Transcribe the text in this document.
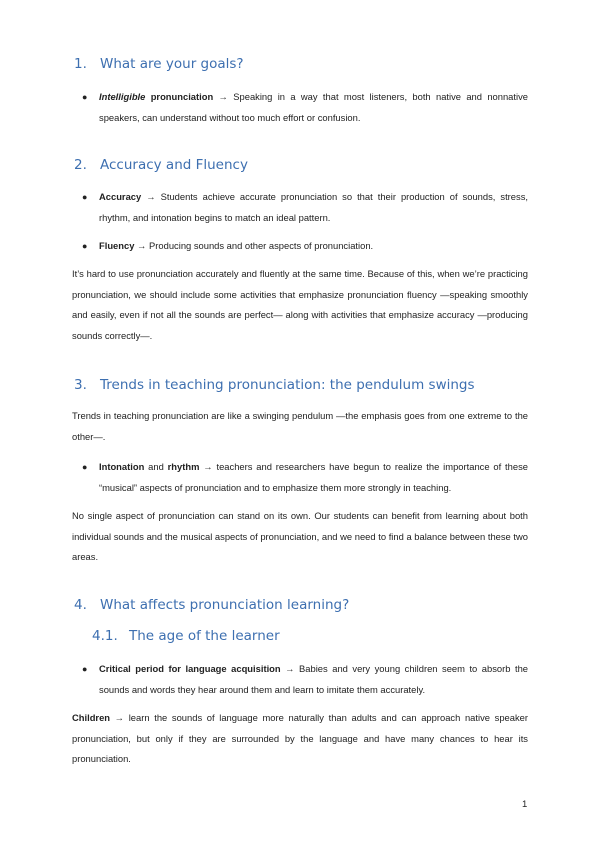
1. What are your goals?

● Intelligible pronunciation → Speaking in a way that most listeners, both native and nonnative speakers, can understand without too much effort or confusion.

2. Accuracy and Fluency

● Accuracy → Students achieve accurate pronunciation so that their production of sounds, stress, rhythm, and intonation begins to match an ideal pattern.

● Fluency → Producing sounds and other aspects of pronunciation.

It’s hard to use pronunciation accurately and fluently at the same time. Because of this, when we’re practicing pronunciation, we should include some activities that emphasize pronunciation fluency —speaking smoothly and easily, even if not all the sounds are perfect— along with activities that emphasize accuracy —producing sounds correctly—.

3. Trends in teaching pronunciation: the pendulum swings

Trends in teaching pronunciation are like a swinging pendulum —the emphasis goes from one extreme to the other—.

● Intonation and rhythm → teachers and researchers have begun to realize the importance of these “musical” aspects of pronunciation and to emphasize them more strongly in teaching.

No single aspect of pronunciation can stand on its own. Our students can benefit from learning about both individual sounds and the musical aspects of pronunciation, and we need to find a balance between these two areas.

4. What affects pronunciation learning?
4.1. The age of the learner

● Critical period for language acquisition → Babies and very young children seem to absorb the sounds and words they hear around them and learn to imitate them accurately.

Children → learn the sounds of language more naturally than adults and can approach native speaker pronunciation, but only if they are surrounded by the language and have many chances to hear its pronunciation.

1
